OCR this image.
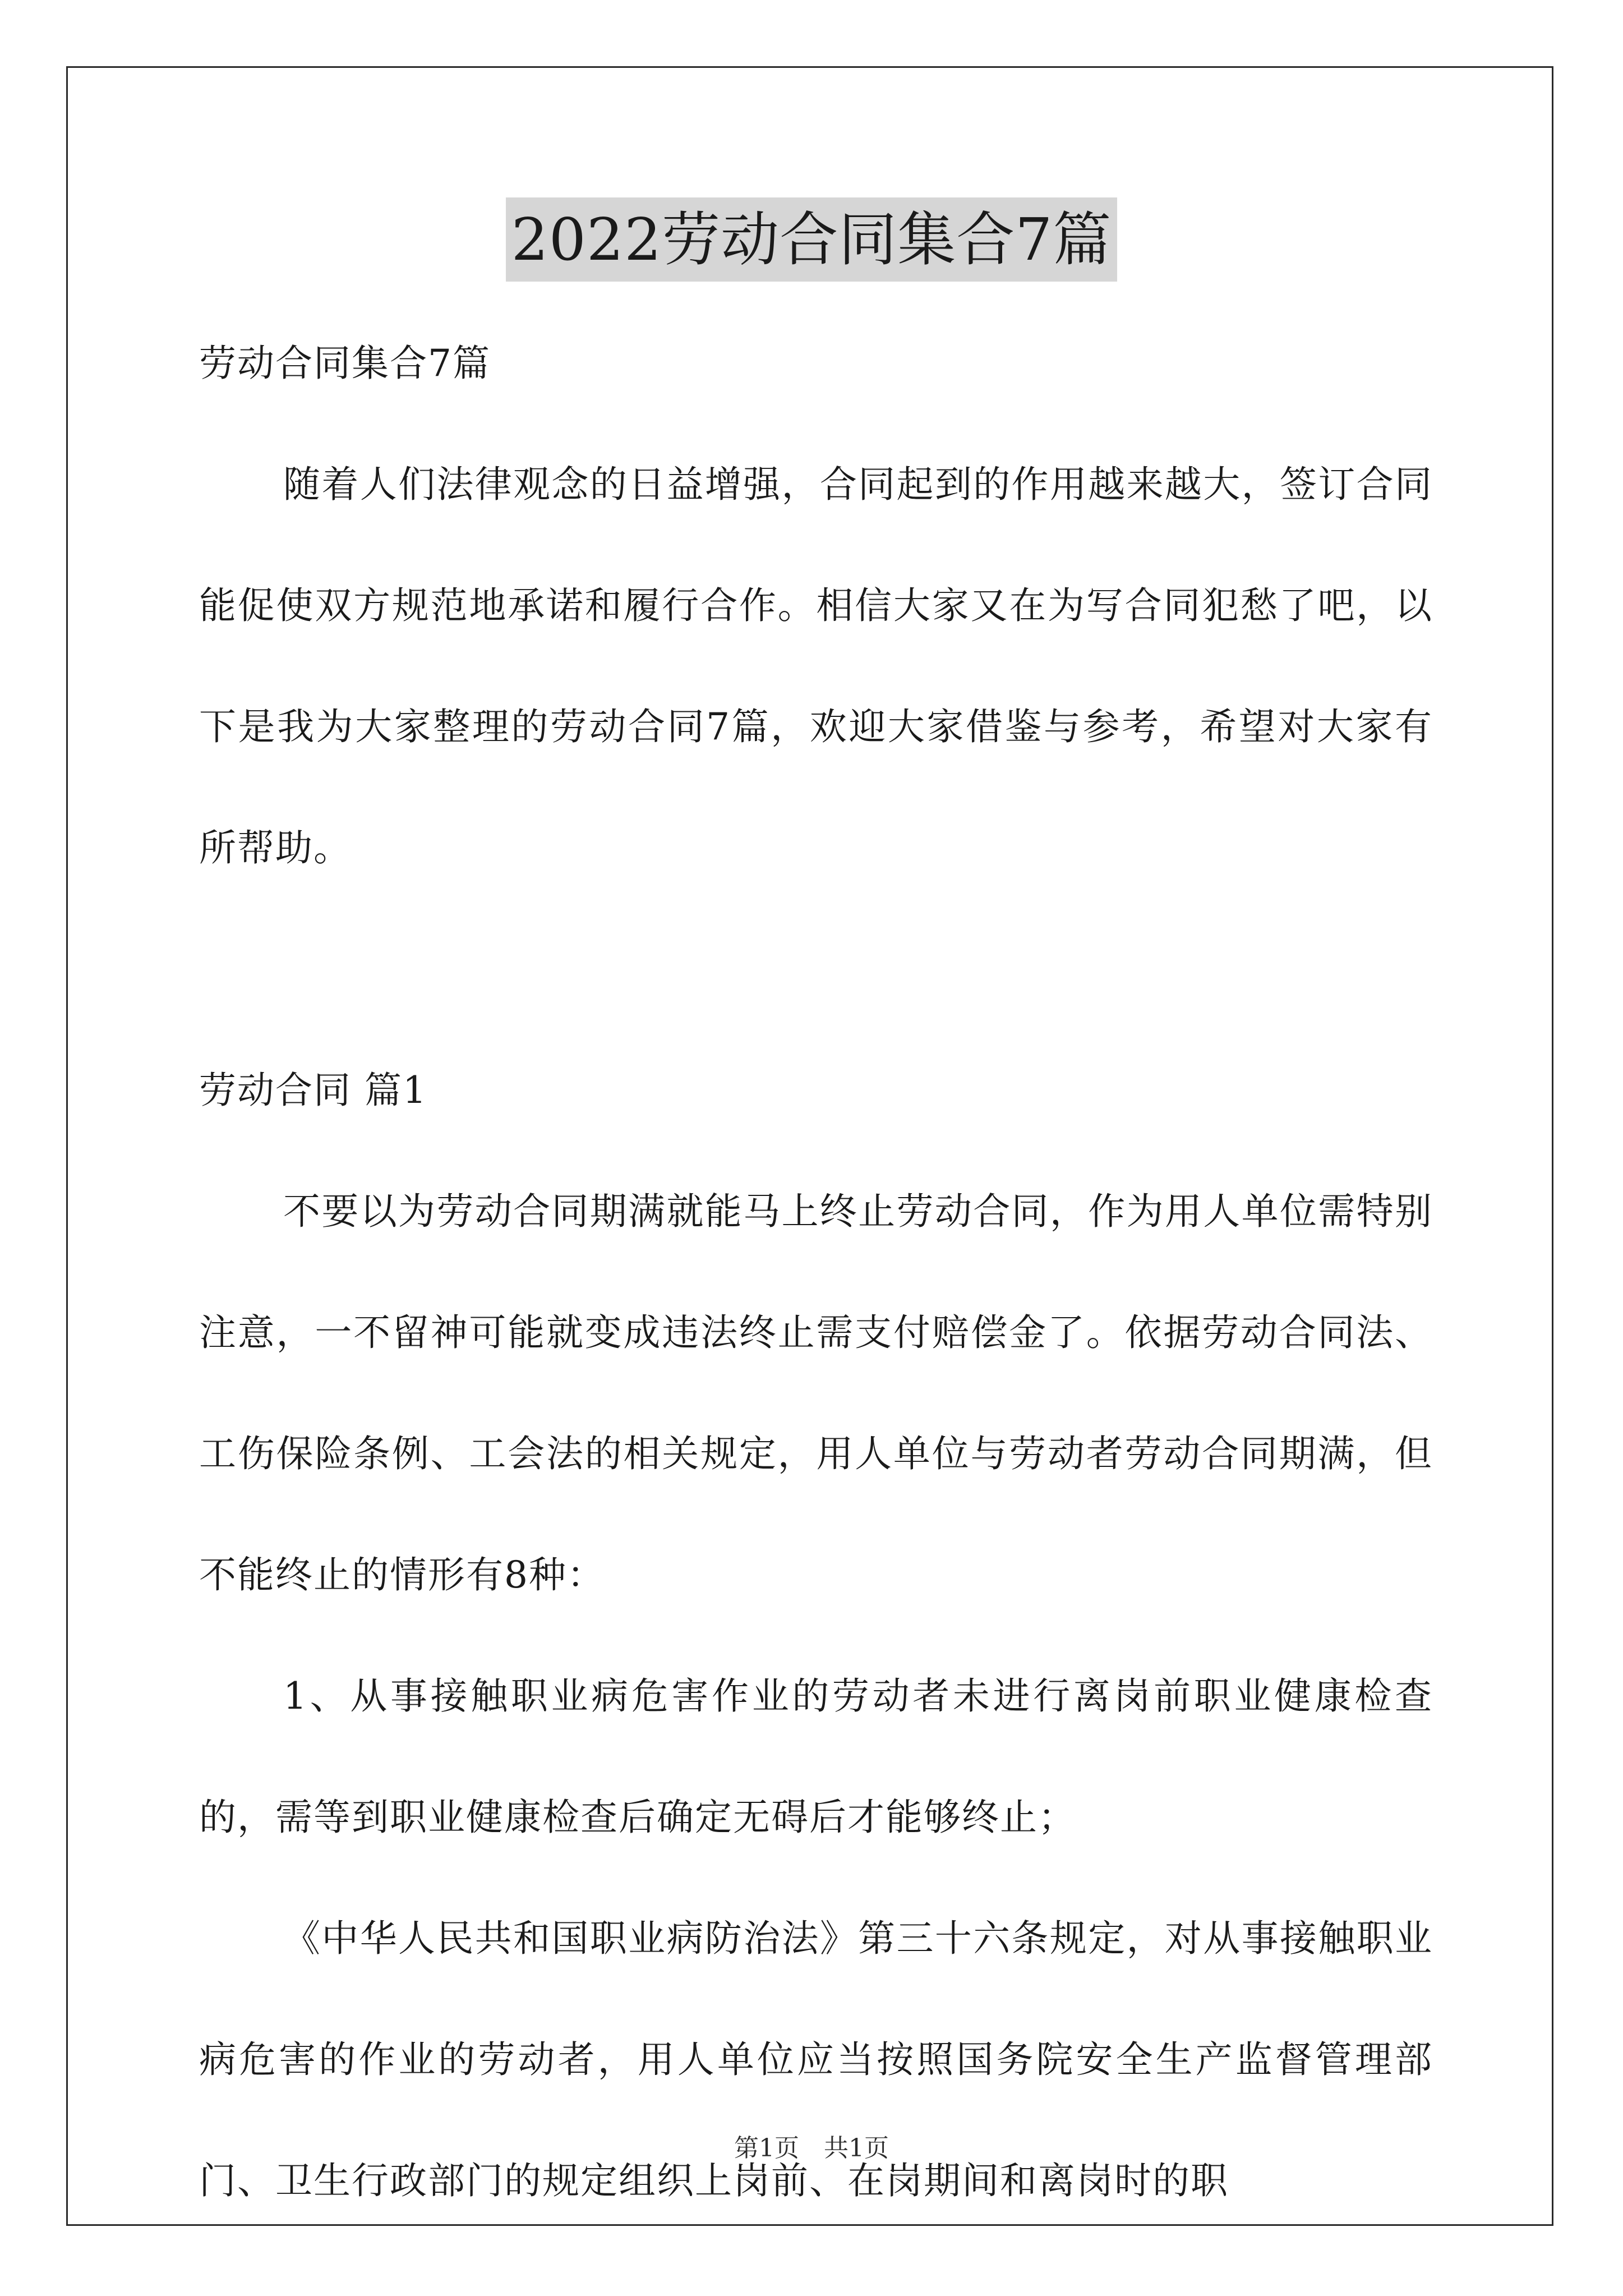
2022劳动合同集合7篇

劳动合同集合7篇

随着人们法律观念的日益增强，合同起到的作用越来越大，签订合同能促使双方规范地承诺和履行合作。相信大家又在为写合同犯愁了吧，以下是我为大家整理的劳动合同7篇，欢迎大家借鉴与参考，希望对大家有所帮助。

劳动合同 篇1

不要以为劳动合同期满就能马上终止劳动合同，作为用人单位需特别注意，一不留神可能就变成违法终止需支付赔偿金了。依据劳动合同法、工伤保险条例、工会法的相关规定，用人单位与劳动者劳动合同期满，但不能终止的情形有8种：

1、从事接触职业病危害作业的劳动者未进行离岗前职业健康检查的，需等到职业健康检查后确定无碍后才能够终止；

《中华人民共和国职业病防治法》第三十六条规定，对从事接触职业病危害的作业的劳动者，用人单位应当按照国务院安全生产监督管理部门、卫生行政部门的规定组织上岗前、在岗期间和离岗时的职

第1页　共1页
